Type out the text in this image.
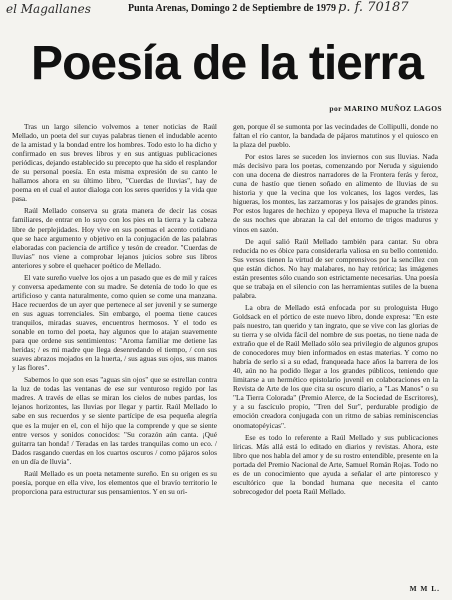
el Magallanes	Punta Arenas, Domingo 2 de Septiembre de 1979 p. f. 70187
Poesía de la tierra
por MARINO MUÑOZ LAGOS

Tras un largo silencio volvemos a tener noticias de Raúl Mellado, un poeta del sur cuyas palabras tienen el indudable acento de la amistad y la bondad entre los hombres. Todo esto lo ha dicho y confirmado en sus breves libros y en sus antiguas publicaciones periódicas, dejando establecido su precepto que ha sido el resplandor de su personal poesía. En esta misma expresión de su canto le hallamos ahora en su último libro, "Cuerdas de lluvias", hay de poema en el cual el autor dialoga con los seres queridos y la vida que pasa.

Raúl Mellado conserva su grata manera de decir las cosas familiares, de entrar en lo suyo con los pies en la tierra y la cabeza libre de perplejidades. Hoy vive en sus poemas el acento cotidiano que se hace argumento y objetivo en la conjugación de las palabras elaboradas con paciencia de artífice y tesón de creador. "Cuerdas de lluvias" nos viene a comprobar lejanos juicios sobre sus libros anteriores y sobre el quehacer poético de Mellado.

El vate sureño vuelve los ojos a un pasado que es de mil y raíces y conversa apedamente con su madre. Se detenía de todo lo que es artificioso y canta naturalmente, como quien se come una manzana. Hace recuerdos de un ayer que pertenece al ser juvenil y se sumerge en sus aguas torrenciales. Sin embargo, el poema tiene cauces tranquilos, miradas suaves, encuentros hermosos. Y el todo es sonable en torno del poeta, hay algunos que lo atajan suavemente para que ordene sus sentimientos: "Aroma familiar me detiene las heridas; / es mi madre que llega desenredando el tiempo, / con sus suaves abrazos mojados en la huerta, / sus aguas sus ojos, sus manos y las flores".

Sabemos lo que son esas "aguas sin ojos" que se estrellan contra la luz de todas las ventanas de ese sur venturoso regido por las madres. A través de ellas se miran los cielos de nubes pardas, los lejanos horizontes, las lluvias por llegar y partir. Raúl Mellado lo sabe en sus recuerdos y se siente partícipe de esa pequeña alegría que es la mujer en el, con el hijo que la comprende y que se siente entre versos y sonidos conocidos: "Su corazón aún canta. ¡Qué guitarra tan honda! / Teradas en las tardes tranquilas como un eco. / Dados rasgando cuerdas en los cuartos oscuros / como pájaros solos en un día de lluvia".

Raúl Mellado es un poeta netamente sureño. En su origen es su poesía, porque en ella vive, los elementos que el bravío territorio le proporciona para estructurar sus pensamientos. Y en su ori-

gen, porque él se sumonta por las vecindades de Collipulli, donde no faltan el río cantor, la bandada de pájaros matutinos y el quiosco en la plaza del pueblo.

Por estos lares se suceden los inviernos con sus lluvias. Nada más decisivo para los poetas, comenzando por Neruda y siguiendo con una docena de diestros narradores de la Frontera ferás y feroz, cuna de hastío que tienen soñado en alimento de lluvias de su historia y que la vecina que los volcanes, los lagos verdes, las higueras, los montes, las zarzamoras y los paisajes de grandes pinos. Por estos lugares de hechizo y epopeya lleva el mapuche la tristeza de sus noches que abrazan la cal del entorno de trigos maduros y vinos en sazón.

De aquí salió Raúl Mellado también para cantar. Su obra reducida no es óbice para considerarla valiosa en su bello contenido. Sus versos tienen la virtud de ser comprensivos por la sencillez con que están dichos. No hay malabares, no hay retórica; las imágenes están presentes sólo cuando son estrictamente necesarias. Una poesía que se trabaja en el silencio con las herramientas sutiles de la buena palabra.

La obra de Mellado está enfocada por su prologuista Hugo Goldsack en el pórtico de este nuevo libro, donde expresa: "En este país nuestro, tan querido y tan ingrato, que se vive con las glorias de su tierra y se olvida fácil del nombre de sus poetas, no tiene nada de extraño que el de Raúl Mellado sólo sea privilegio de algunos grupos de conocedores muy bien informados en estas materias. Y como no habría de serlo si a su edad, franqueada hace años la barrera de los 40, aún no ha podido llegar a los grandes públicos, teniendo que limitarse a un hermético epistolario juvenil en colaboraciones en la Revista de Arte de los que cita su oscuro diario, a "Las Manos" o su "La Tierra Colorada" (Premio Alerce, de la Sociedad de Escritores), y a su fascículo propio, "Tren del Sur", perdurable prodigio de emoción creadora conjugada con un ritmo de sabias reminiscencias onomatopéyicas".

Ese es todo lo referente a Raúl Mellado y sus publicaciones líricas. Más allá está lo editado en diarios y revistas. Ahora, este libro que nos habla del amor y de su rostro entendible, presente en la portada del Premio Nacional de Arte, Samuel Román Rojas. Todo no es de un conocimiento que ayuda a señalar el arte pintoresco y escultórico que la bondad humana que necesita el canto sobrecogedor del poeta Raúl Mellado.

M M L.
